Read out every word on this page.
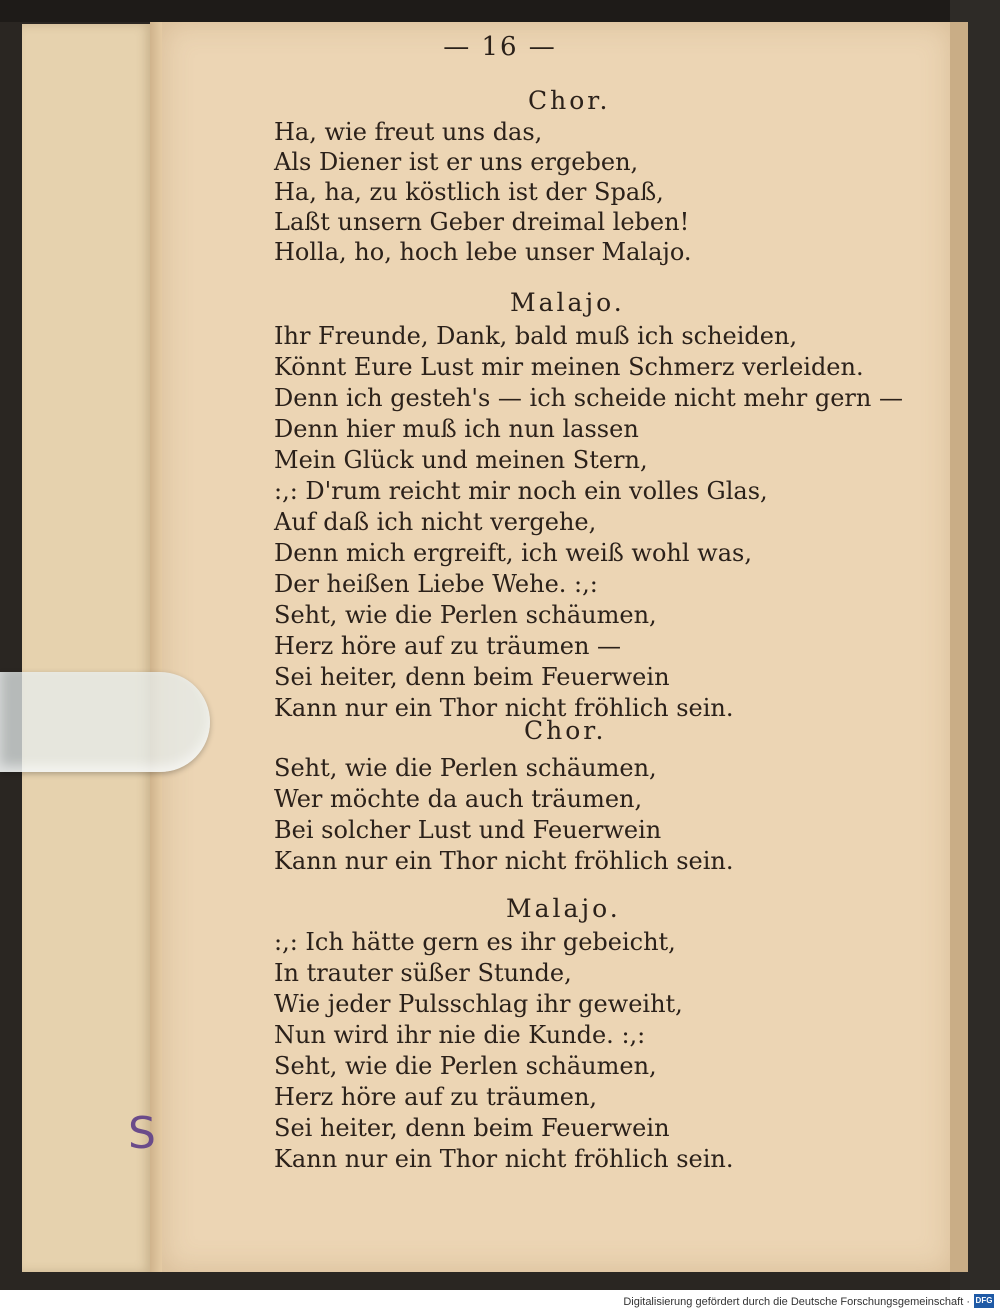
S
— 16 —
Chor.
Ha, wie freut uns das,
Als Diener ist er uns ergeben,
Ha, ha, zu köstlich ist der Spaß,
Laßt unsern Geber dreimal leben!
Holla, ho, hoch lebe unser Malajo.
Malajo.
Ihr Freunde, Dank, bald muß ich scheiden,
Könnt Eure Lust mir meinen Schmerz verleiden.
Denn ich gesteh's — ich scheide nicht mehr gern —
Denn hier muß ich nun lassen
Mein Glück und meinen Stern,
:,: D'rum reicht mir noch ein volles Glas,
Auf daß ich nicht vergehe,
Denn mich ergreift, ich weiß wohl was,
Der heißen Liebe Wehe. :,:
Seht, wie die Perlen schäumen,
Herz höre auf zu träumen —
Sei heiter, denn beim Feuerwein
Kann nur ein Thor nicht fröhlich sein.
Chor.
Seht, wie die Perlen schäumen,
Wer möchte da auch träumen,
Bei solcher Lust und Feuerwein
Kann nur ein Thor nicht fröhlich sein.
Malajo.
:,: Ich hätte gern es ihr gebeicht,
In trauter süßer Stunde,
Wie jeder Pulsschlag ihr geweiht,
Nun wird ihr nie die Kunde. :,:
Seht, wie die Perlen schäumen,
Herz höre auf zu träumen,
Sei heiter, denn beim Feuerwein
Kann nur ein Thor nicht fröhlich sein.
Digitalisierung gefördert durch die Deutsche Forschungsgemeinschaft · DFG
